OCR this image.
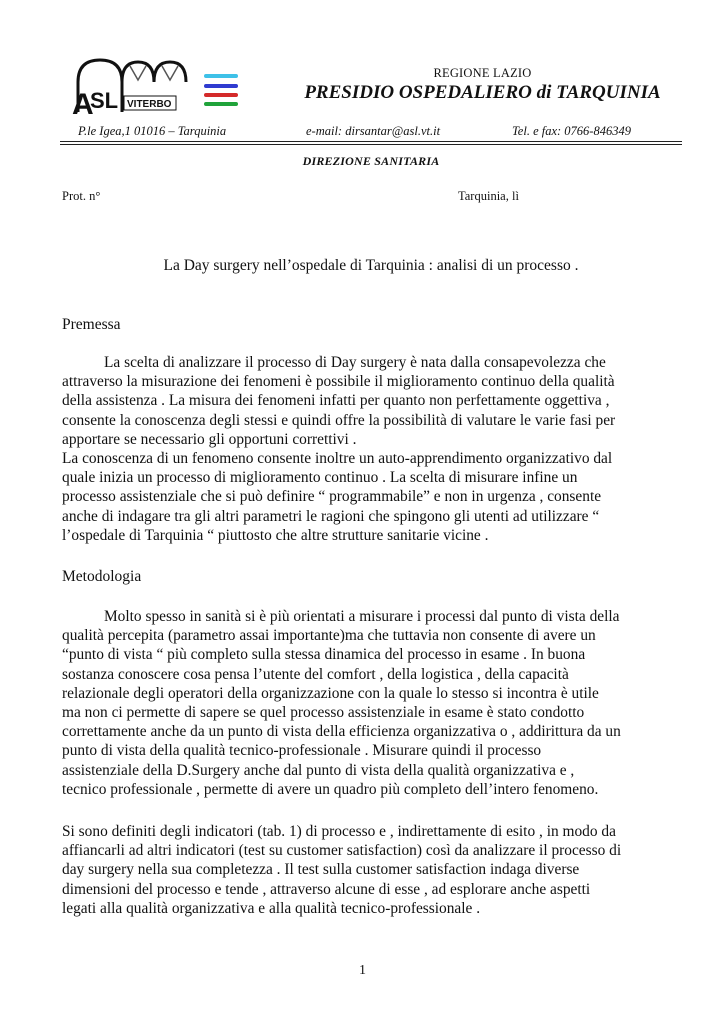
A
SL VITERBO
REGIONE LAZIO
PRESIDIO OSPEDALIERO di TARQUINIA
P.le Igea,1 01016 – Tarquinia	e-mail: dirsantar@asl.vt.it	Tel. e fax: 0766-846349
DIREZIONE SANITARIA
Prot. n°	Tarquinia, lì
La Day surgery nell’ospedale di Tarquinia : analisi di un processo .
Premessa
La scelta di analizzare il processo di Day surgery è nata dalla consapevolezza che
attraverso la misurazione dei fenomeni è possibile il miglioramento continuo della qualità
della assistenza . La misura dei fenomeni infatti per quanto non perfettamente oggettiva ,
consente la conoscenza degli stessi e quindi offre la possibilità di valutare le varie fasi per
apportare se necessario gli opportuni correttivi .
La conoscenza di un fenomeno consente inoltre un auto-apprendimento organizzativo dal
quale inizia un processo di miglioramento continuo . La scelta di misurare infine un
processo assistenziale che si può definire “ programmabile” e non in urgenza , consente
anche di indagare tra gli altri parametri le ragioni che spingono gli utenti ad utilizzare “
l’ospedale di Tarquinia “ piuttosto che altre strutture sanitarie vicine .
Metodologia
Molto spesso in sanità si è più orientati a misurare i processi dal punto di vista della
qualità percepita (parametro assai importante)ma che tuttavia non consente di avere un
“punto di vista “ più completo sulla stessa dinamica del processo in esame . In buona
sostanza conoscere cosa pensa l’utente del comfort , della logistica , della capacità
relazionale degli operatori della organizzazione con la quale lo stesso si incontra è utile
ma non ci permette di sapere se quel processo assistenziale in esame è stato condotto
correttamente anche da un punto di vista della efficienza organizzativa o , addirittura da un
punto di vista della qualità tecnico-professionale . Misurare quindi il processo
assistenziale della D.Surgery anche dal punto di vista della qualità organizzativa e ,
tecnico professionale , permette di avere un quadro più completo dell’intero fenomeno.
Si sono definiti degli indicatori (tab. 1) di processo e , indirettamente di esito , in modo da
affiancarli ad altri indicatori (test su customer satisfaction) così da analizzare il processo di
day surgery nella sua completezza . Il test sulla customer satisfaction indaga diverse
dimensioni del processo e tende , attraverso alcune di esse , ad esplorare anche aspetti
legati alla qualità organizzativa e alla qualità tecnico-professionale .
1
